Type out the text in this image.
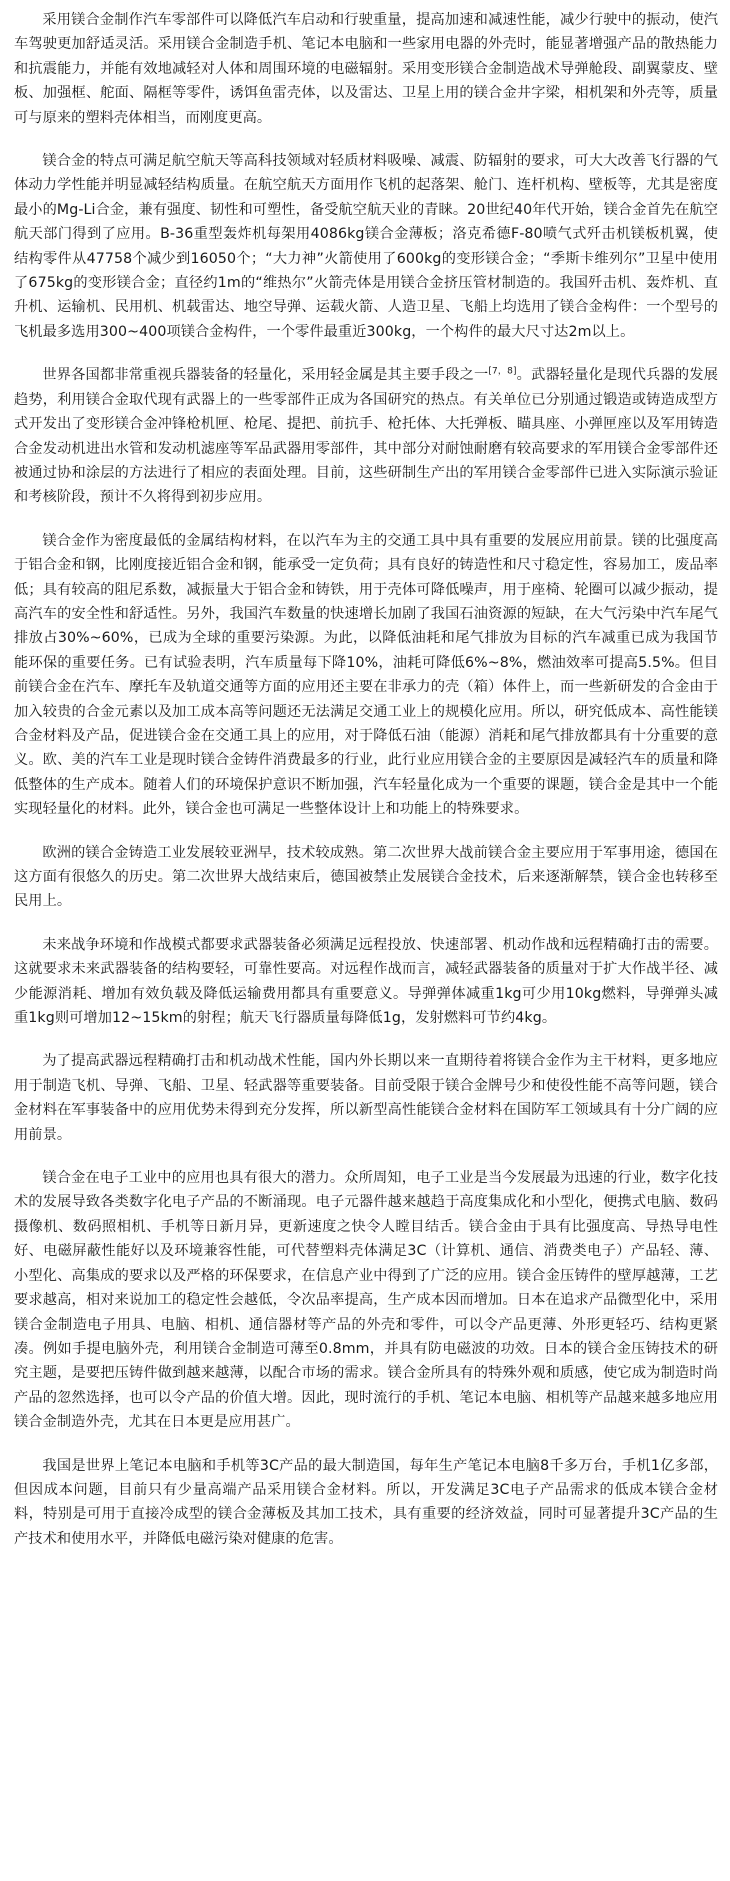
采用镁合金制作汽车零部件可以降低汽车启动和行驶重量，提高加速和减速性能，减少行驶中的振动，使汽车驾驶更加舒适灵活。采用镁合金制造手机、笔记本电脑和一些家用电器的外壳时，能显著增强产品的散热能力和抗震能力，并能有效地减轻对人体和周围环境的电磁辐射。采用变形镁合金制造战术导弹舱段、副翼蒙皮、壁板、加强框、舵面、隔框等零件，诱饵鱼雷壳体，以及雷达、卫星上用的镁合金井字梁，相机架和外壳等，质量可与原来的塑料壳体相当，而刚度更高。

镁合金的特点可满足航空航天等高科技领域对轻质材料吸噪、减震、防辐射的要求，可大大改善飞行器的气体动力学性能并明显减轻结构质量。在航空航天方面用作飞机的起落架、舱门、连杆机构、壁板等，尤其是密度最小的Mg-Li合金，兼有强度、韧性和可塑性，备受航空航天业的青睐。20世纪40年代开始，镁合金首先在航空航天部门得到了应用。B-36重型轰炸机每架用4086kg镁合金薄板；洛克希德F-80喷气式歼击机镁板机翼，使结构零件从47758个减少到16050个；“大力神”火箭使用了600kg的变形镁合金；“季斯卡维列尔”卫星中使用了675kg的变形镁合金；直径约1m的“维热尔”火箭壳体是用镁合金挤压管材制造的。我国歼击机、轰炸机、直升机、运输机、民用机、机载雷达、地空导弹、运载火箭、人造卫星、飞船上均选用了镁合金构件：一个型号的飞机最多选用300~400项镁合金构件，一个零件最重近300kg，一个构件的最大尺寸达2m以上。

世界各国都非常重视兵器装备的轻量化，采用轻金属是其主要手段之一[7，8]。武器轻量化是现代兵器的发展趋势，利用镁合金取代现有武器上的一些零部件正成为各国研究的热点。有关单位已分别通过锻造或铸造成型方式开发出了变形镁合金冲锋枪机匣、枪尾、提把、前抗手、枪托体、大托弹板、瞄具座、小弹匣座以及军用铸造合金发动机进出水管和发动机滤座等军品武器用零部件，其中部分对耐蚀耐磨有较高要求的军用镁合金零部件还被通过协和涂层的方法进行了相应的表面处理。目前，这些研制生产出的军用镁合金零部件已进入实际演示验证和考核阶段，预计不久将得到初步应用。

镁合金作为密度最低的金属结构材料，在以汽车为主的交通工具中具有重要的发展应用前景。镁的比强度高于铝合金和钢，比刚度接近铝合金和钢，能承受一定负荷；具有良好的铸造性和尺寸稳定性，容易加工，废品率低；具有较高的阻尼系数，减振量大于铝合金和铸铁，用于壳体可降低噪声，用于座椅、轮圈可以减少振动，提高汽车的安全性和舒适性。另外，我国汽车数量的快速增长加剧了我国石油资源的短缺，在大气污染中汽车尾气排放占30%~60%，已成为全球的重要污染源。为此，以降低油耗和尾气排放为目标的汽车减重已成为我国节能环保的重要任务。已有试验表明，汽车质量每下降10%，油耗可降低6%~8%，燃油效率可提高5.5%。但目前镁合金在汽车、摩托车及轨道交通等方面的应用还主要在非承力的壳（箱）体件上，而一些新研发的合金由于加入较贵的合金元素以及加工成本高等问题还无法满足交通工业上的规模化应用。所以，研究低成本、高性能镁合金材料及产品，促进镁合金在交通工具上的应用，对于降低石油（能源）消耗和尾气排放都具有十分重要的意义。欧、美的汽车工业是现时镁合金铸件消费最多的行业，此行业应用镁合金的主要原因是减轻汽车的质量和降低整体的生产成本。随着人们的环境保护意识不断加强，汽车轻量化成为一个重要的课题，镁合金是其中一个能实现轻量化的材料。此外，镁合金也可满足一些整体设计上和功能上的特殊要求。

欧洲的镁合金铸造工业发展较亚洲早，技术较成熟。第二次世界大战前镁合金主要应用于军事用途，德国在这方面有很悠久的历史。第二次世界大战结束后，德国被禁止发展镁合金技术，后来逐渐解禁，镁合金也转移至民用上。

未来战争环境和作战模式都要求武器装备必须满足远程投放、快速部署、机动作战和远程精确打击的需要。这就要求未来武器装备的结构要轻，可靠性要高。对远程作战而言，减轻武器装备的质量对于扩大作战半径、减少能源消耗、增加有效负载及降低运输费用都具有重要意义。导弹弹体减重1kg可少用10kg燃料，导弹弹头减重1kg则可增加12~15km的射程；航天飞行器质量每降低1g，发射燃料可节约4kg。

为了提高武器远程精确打击和机动战术性能，国内外长期以来一直期待着将镁合金作为主干材料，更多地应用于制造飞机、导弹、飞船、卫星、轻武器等重要装备。目前受限于镁合金牌号少和使役性能不高等问题，镁合金材料在军事装备中的应用优势未得到充分发挥，所以新型高性能镁合金材料在国防军工领域具有十分广阔的应用前景。

镁合金在电子工业中的应用也具有很大的潜力。众所周知，电子工业是当今发展最为迅速的行业，数字化技术的发展导致各类数字化电子产品的不断涌现。电子元器件越来越趋于高度集成化和小型化，便携式电脑、数码摄像机、数码照相机、手机等日新月异，更新速度之快令人瞠目结舌。镁合金由于具有比强度高、导热导电性好、电磁屏蔽性能好以及环境兼容性能，可代替塑料壳体满足3C（计算机、通信、消费类电子）产品轻、薄、小型化、高集成的要求以及严格的环保要求，在信息产业中得到了广泛的应用。镁合金压铸件的壁厚越薄，工艺要求越高，相对来说加工的稳定性会越低，令次品率提高，生产成本因而增加。日本在追求产品微型化中，采用镁合金制造电子用具、电脑、相机、通信器材等产品的外壳和零件，可以令产品更薄、外形更轻巧、结构更紧凑。例如手提电脑外壳，利用镁合金制造可薄至0.8mm，并具有防电磁波的功效。日本的镁合金压铸技术的研究主题，是要把压铸件做到越来越薄，以配合市场的需求。镁合金所具有的特殊外观和质感，使它成为制造时尚产品的忽然选择，也可以令产品的价值大增。因此，现时流行的手机、笔记本电脑、相机等产品越来越多地应用镁合金制造外壳，尤其在日本更是应用甚广。

我国是世界上笔记本电脑和手机等3C产品的最大制造国，每年生产笔记本电脑8千多万台，手机1亿多部，但因成本问题，目前只有少量高端产品采用镁合金材料。所以，开发满足3C电子产品需求的低成本镁合金材料，特别是可用于直接冷成型的镁合金薄板及其加工技术，具有重要的经济效益，同时可显著提升3C产品的生产技术和使用水平，并降低电磁污染对健康的危害。
